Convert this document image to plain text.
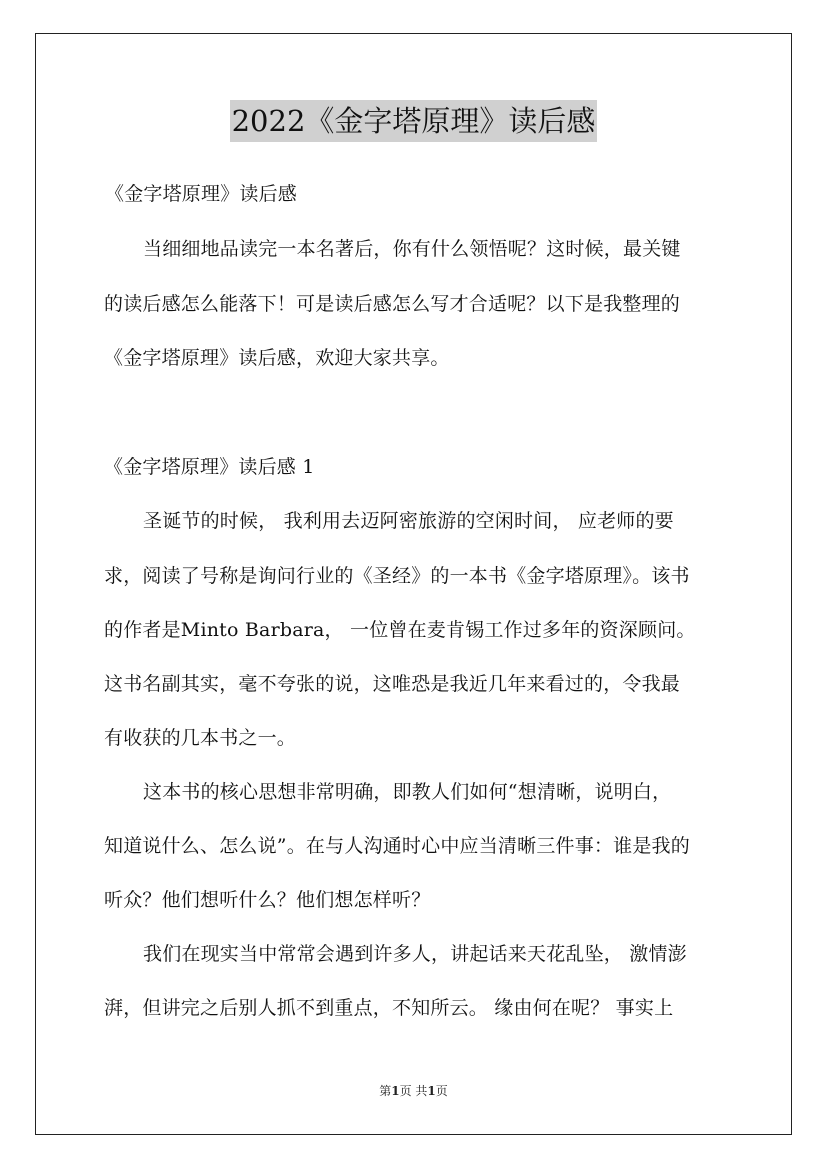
2022《金字塔原理》读后感
《金字塔原理》读后感
当细细地品读完一本名著后，你有什么领悟呢？这时候，最关键
的读后感怎么能落下！可是读后感怎么写才合适呢？以下是我整理的
《金字塔原理》读后感，欢迎大家共享。
《金字塔原理》读后感 1
圣诞节的时候， 我利用去迈阿密旅游的空闲时间， 应老师的要
求，阅读了号称是询问行业的《圣经》的一本书《金字塔原理》。该书
的作者是Minto Barbara， 一位曾在麦肯锡工作过多年的资深顾问。
这书名副其实，毫不夸张的说，这唯恐是我近几年来看过的，令我最
有收获的几本书之一。
这本书的核心思想非常明确，即教人们如何“想清晰，说明白，
知道说什么、怎么说”。在与人沟通时心中应当清晰三件事：谁是我的
听众？他们想听什么？他们想怎样听？
我们在现实当中常常会遇到许多人，讲起话来天花乱坠， 激情澎
湃，但讲完之后别人抓不到重点，不知所云。 缘由何在呢？ 事实上
第1页 共1页
